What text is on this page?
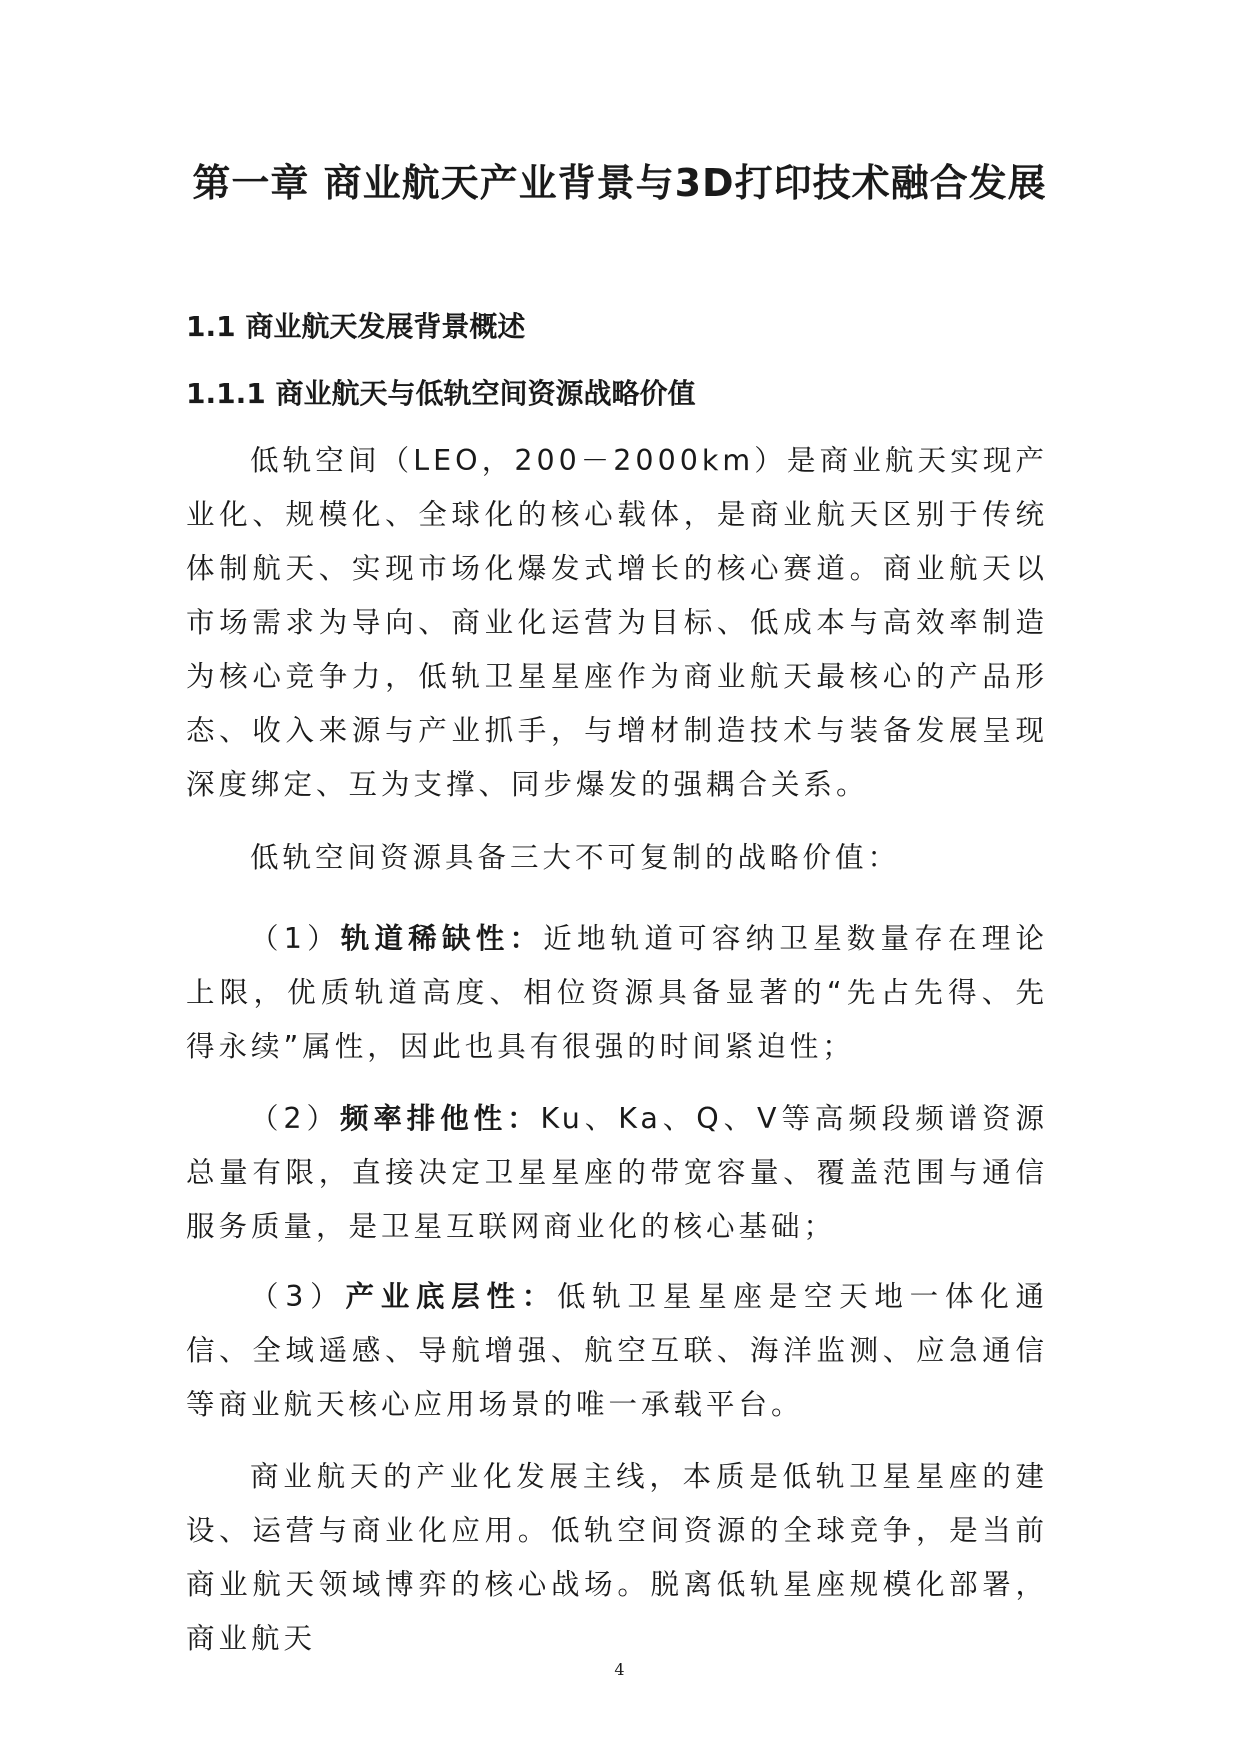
第一章 商业航天产业背景与3D打印技术融合发展
1.1 商业航天发展背景概述
1.1.1 商业航天与低轨空间资源战略价值

低轨空间（LEO，200－2000km）是商业航天实现产业化、规模化、全球化的核心载体，是商业航天区别于传统体制航天、实现市场化爆发式增长的核心赛道。商业航天以市场需求为导向、商业化运营为目标、低成本与高效率制造为核心竞争力，低轨卫星星座作为商业航天最核心的产品形态、收入来源与产业抓手，与增材制造技术与装备发展呈现深度绑定、互为支撑、同步爆发的强耦合关系。

低轨空间资源具备三大不可复制的战略价值：

（1）轨道稀缺性：近地轨道可容纳卫星数量存在理论上限，优质轨道高度、相位资源具备显著的“先占先得、先得永续”属性，因此也具有很强的时间紧迫性；

（2）频率排他性：Ku、Ka、Q、V等高频段频谱资源总量有限，直接决定卫星星座的带宽容量、覆盖范围与通信服务质量，是卫星互联网商业化的核心基础；

（3）产业底层性：低轨卫星星座是空天地一体化通信、全域遥感、导航增强、航空互联、海洋监测、应急通信等商业航天核心应用场景的唯一承载平台。

商业航天的产业化发展主线，本质是低轨卫星星座的建设、运营与商业化应用。低轨空间资源的全球竞争，是当前商业航天领域博弈的核心战场。脱离低轨星座规模化部署，商业航天

4
